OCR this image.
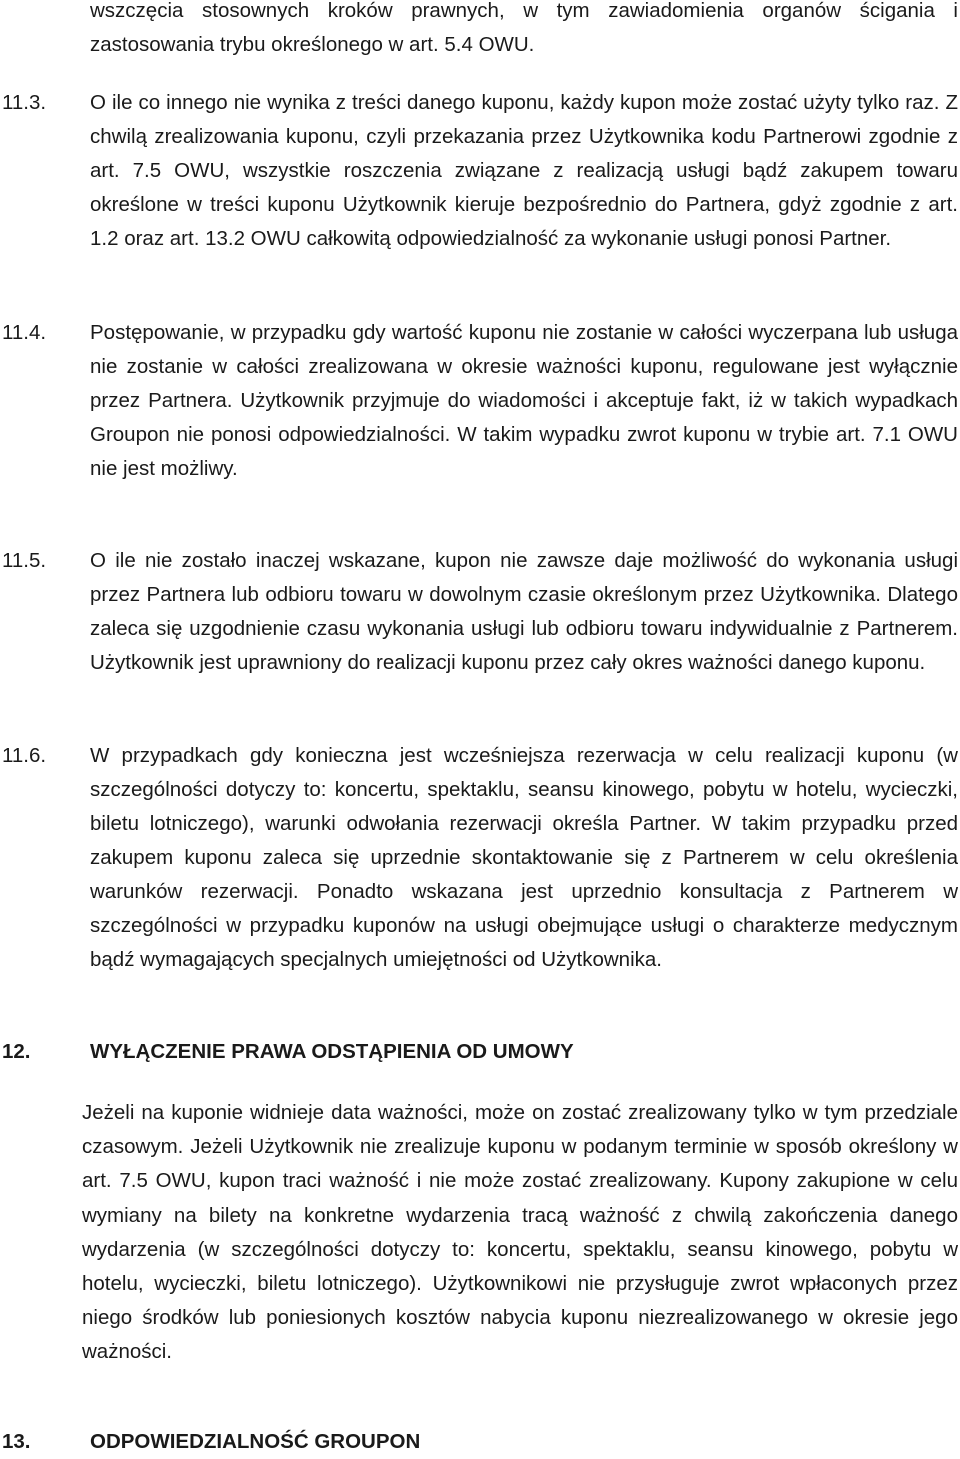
wszczęcia stosownych kroków prawnych, w tym zawiadomienia organów ścigania i zastosowania trybu określonego w art. 5.4 OWU.
11.3. O ile co innego nie wynika z treści danego kuponu, każdy kupon może zostać użyty tylko raz. Z chwilą zrealizowania kuponu, czyli przekazania przez Użytkownika kodu Partnerowi zgodnie z art. 7.5 OWU, wszystkie roszczenia związane z realizacją usługi bądź zakupem towaru określone w treści kuponu Użytkownik kieruje bezpośrednio do Partnera, gdyż zgodnie z art. 1.2 oraz art. 13.2 OWU całkowitą odpowiedzialność za wykonanie usługi ponosi Partner.
11.4. Postępowanie, w przypadku gdy wartość kuponu nie zostanie w całości wyczerpana lub usługa nie zostanie w całości zrealizowana w okresie ważności kuponu, regulowane jest wyłącznie przez Partnera. Użytkownik przyjmuje do wiadomości i akceptuje fakt, iż w takich wypadkach Groupon nie ponosi odpowiedzialności. W takim wypadku zwrot kuponu w trybie art. 7.1 OWU nie jest możliwy.
11.5. O ile nie zostało inaczej wskazane, kupon nie zawsze daje możliwość do wykonania usługi przez Partnera lub odbioru towaru w dowolnym czasie określonym przez Użytkownika. Dlatego zaleca się uzgodnienie czasu wykonania usługi lub odbioru towaru indywidualnie z Partnerem. Użytkownik jest uprawniony do realizacji kuponu przez cały okres ważności danego kuponu.
11.6. W przypadkach gdy konieczna jest wcześniejsza rezerwacja w celu realizacji kuponu (w szczególności dotyczy to: koncertu, spektaklu, seansu kinowego, pobytu w hotelu, wycieczki, biletu lotniczego), warunki odwołania rezerwacji określa Partner. W takim przypadku przed zakupem kuponu zaleca się uprzednie skontaktowanie się z Partnerem w celu określenia warunków rezerwacji. Ponadto wskazana jest uprzednio konsultacja z Partnerem w szczególności w przypadku kuponów na usługi obejmujące usługi o charakterze medycznym bądź wymagających specjalnych umiejętności od Użytkownika.
12.	WYŁĄCZENIE PRAWA ODSTĄPIENIA OD UMOWY
Jeżeli na kuponie widnieje data ważności, może on zostać zrealizowany tylko w tym przedziale czasowym. Jeżeli Użytkownik nie zrealizuje kuponu w podanym terminie w sposób określony w art. 7.5 OWU, kupon traci ważność i nie może zostać zrealizowany. Kupony zakupione w celu wymiany na bilety na konkretne wydarzenia tracą ważność z chwilą zakończenia danego wydarzenia (w szczególności dotyczy to: koncertu, spektaklu, seansu kinowego, pobytu w hotelu, wycieczki, biletu lotniczego). Użytkownikowi nie przysługuje zwrot wpłaconych przez niego środków lub poniesionych kosztów nabycia kuponu niezrealizowanego w okresie jego ważności.
13.	ODPOWIEDZIALNOŚĆ GROUPON
